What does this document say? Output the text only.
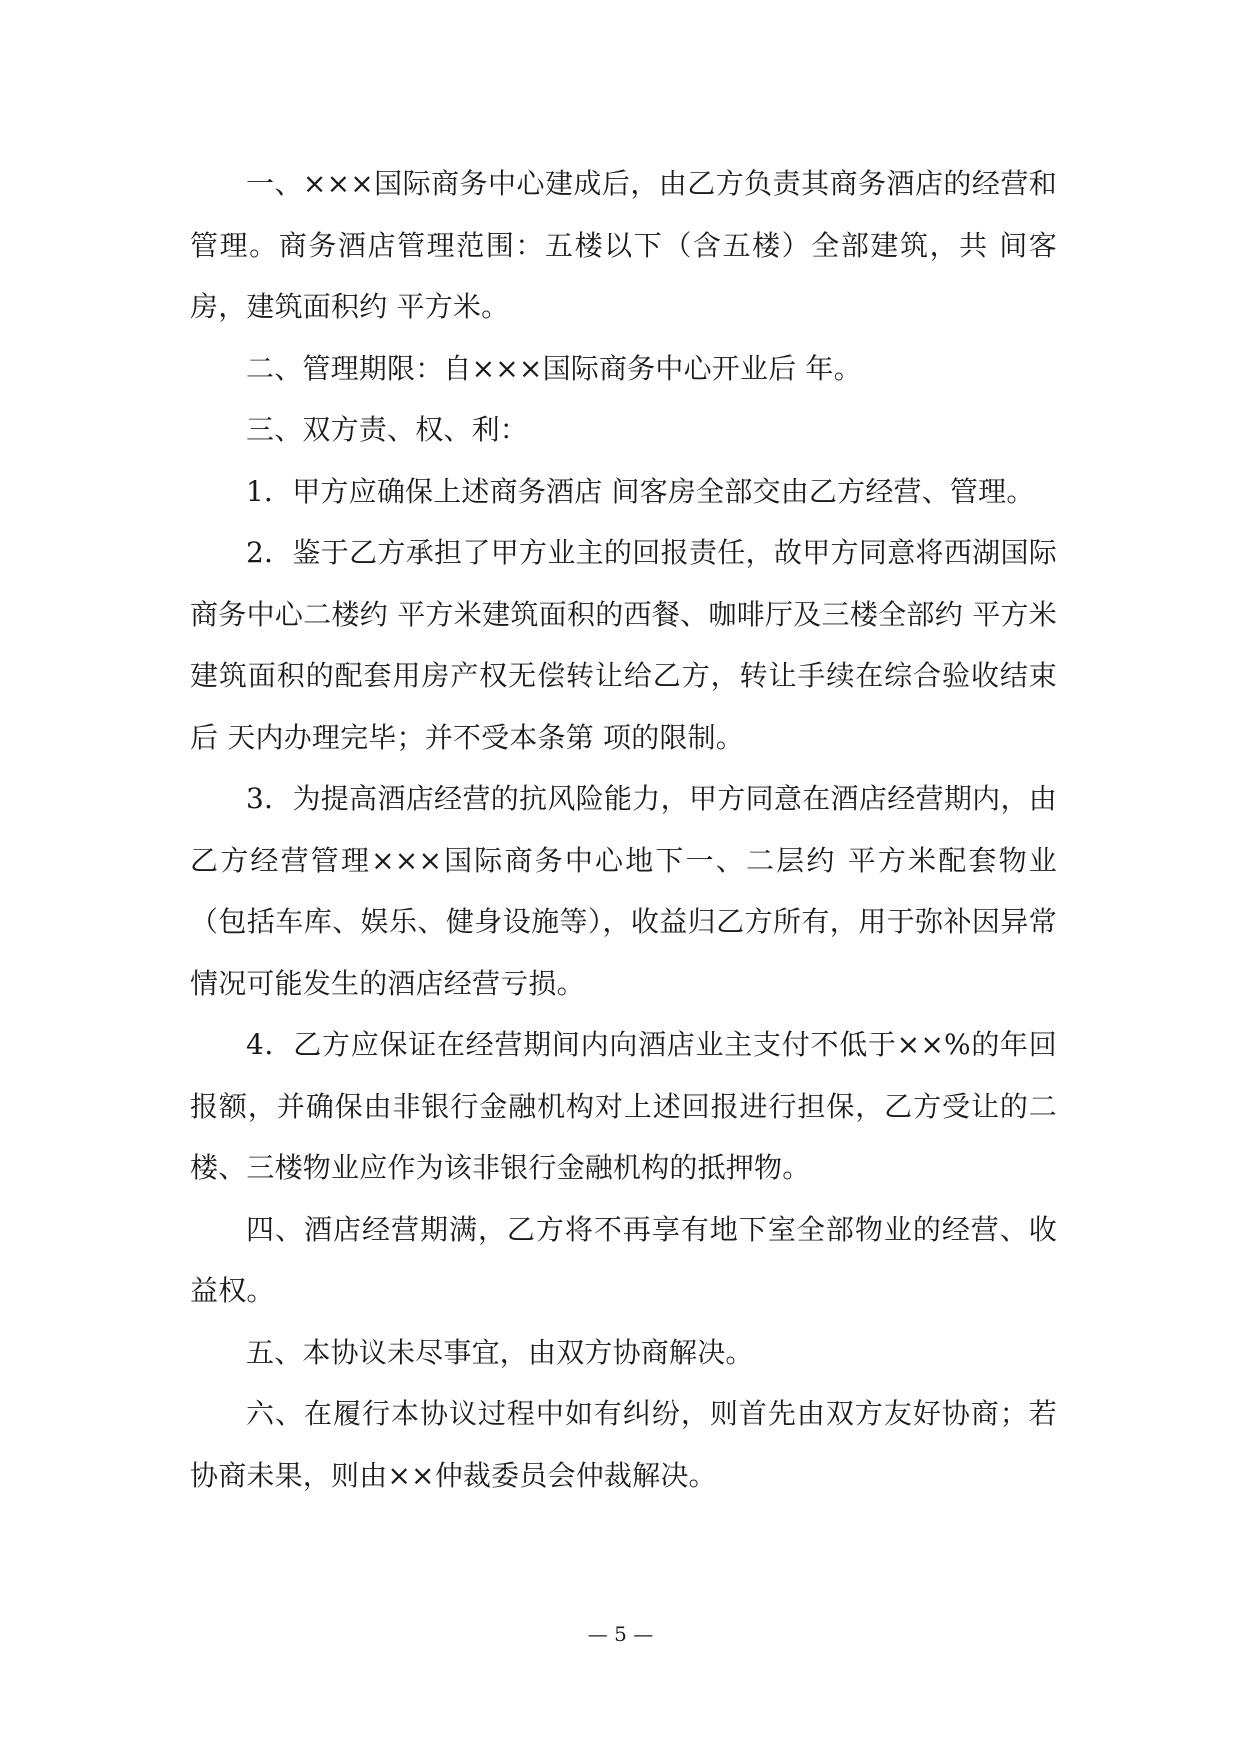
一、×××国际商务中心建成后，由乙方负责其商务酒店的经营和管理。商务酒店管理范围：五楼以下（含五楼）全部建筑，共 间客房，建筑面积约 平方米。

二、管理期限：自×××国际商务中心开业后 年。

三、双方责、权、利：

1．甲方应确保上述商务酒店 间客房全部交由乙方经营、管理。

2．鉴于乙方承担了甲方业主的回报责任，故甲方同意将西湖国际商务中心二楼约 平方米建筑面积的西餐、咖啡厅及三楼全部约 平方米建筑面积的配套用房产权无偿转让给乙方，转让手续在综合验收结束后 天内办理完毕；并不受本条第 项的限制。

3．为提高酒店经营的抗风险能力，甲方同意在酒店经营期内，由乙方经营管理×××国际商务中心地下一、二层约 平方米配套物业（包括车库、娱乐、健身设施等），收益归乙方所有，用于弥补因异常情况可能发生的酒店经营亏损。

4．乙方应保证在经营期间内向酒店业主支付不低于××%的年回报额，并确保由非银行金融机构对上述回报进行担保，乙方受让的二楼、三楼物业应作为该非银行金融机构的抵押物。

四、酒店经营期满，乙方将不再享有地下室全部物业的经营、收益权。

五、本协议未尽事宜，由双方协商解决。

六、在履行本协议过程中如有纠纷，则首先由双方友好协商；若协商未果，则由××仲裁委员会仲裁解决。

— 5 —
